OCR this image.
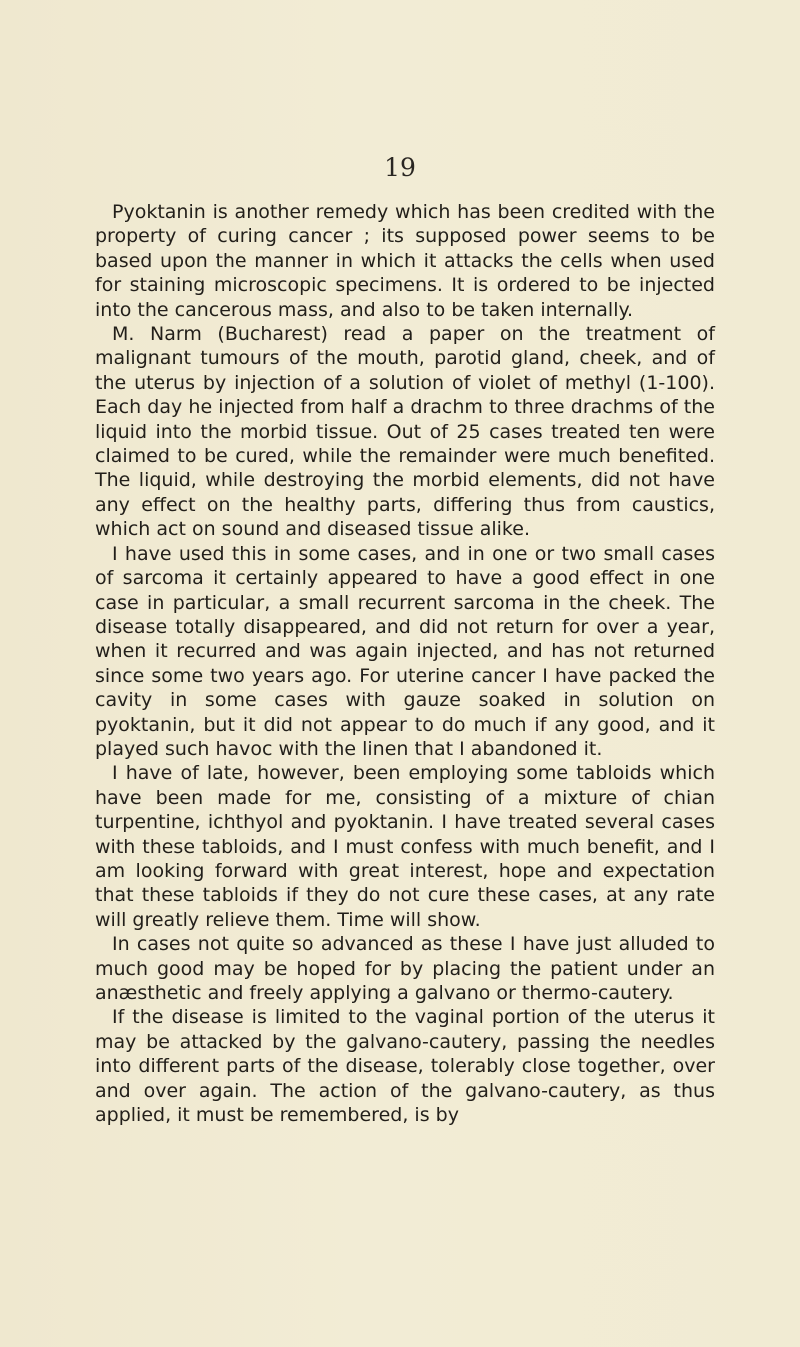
19

Pyoktanin is another remedy which has been credited with the property of curing cancer ; its supposed power seems to be based upon the manner in which it attacks the cells when used for staining microscopic specimens. It is ordered to be injected into the cancerous mass, and also to be taken internally.

M. Narm (Bucharest) read a paper on the treatment of malignant tumours of the mouth, parotid gland, cheek, and of the uterus by injection of a solution of violet of methyl (1-100). Each day he injected from half a drachm to three drachms of the liquid into the morbid tissue. Out of 25 cases treated ten were claimed to be cured, while the remainder were much benefited. The liquid, while destroying the morbid elements, did not have any effect on the healthy parts, differing thus from caustics, which act on sound and diseased tissue alike.

I have used this in some cases, and in one or two small cases of sarcoma it certainly appeared to have a good effect in one case in particular, a small recurrent sarcoma in the cheek. The disease totally disappeared, and did not return for over a year, when it recurred and was again injected, and has not returned since some two years ago. For uterine cancer I have packed the cavity in some cases with gauze soaked in solution on pyoktanin, but it did not appear to do much if any good, and it played such havoc with the linen that I abandoned it.

I have of late, however, been employing some tabloids which have been made for me, consisting of a mixture of chian turpentine, ichthyol and pyoktanin. I have treated several cases with these tabloids, and I must confess with much benefit, and I am looking forward with great interest, hope and expectation that these tabloids if they do not cure these cases, at any rate will greatly relieve them. Time will show.

In cases not quite so advanced as these I have just alluded to much good may be hoped for by placing the patient under an anæsthetic and freely applying a galvano or thermo-cautery.

If the disease is limited to the vaginal portion of the uterus it may be attacked by the galvano-cautery, passing the needles into different parts of the disease, tolerably close together, over and over again. The action of the galvano-cautery, as thus applied, it must be remembered, is by
